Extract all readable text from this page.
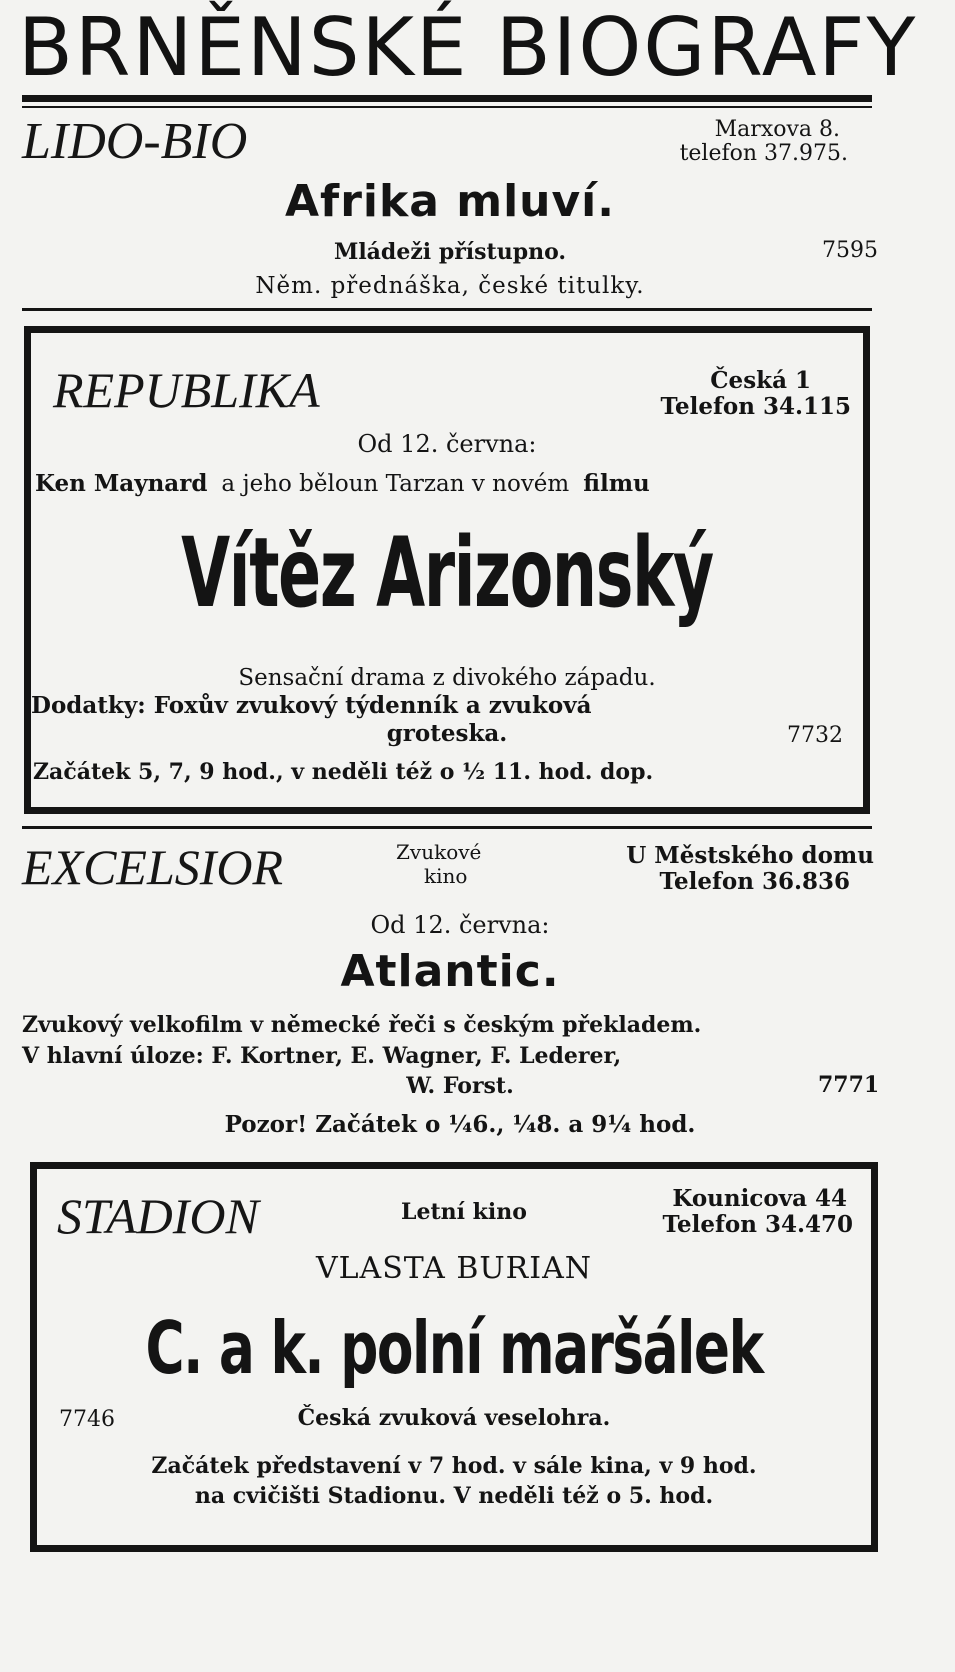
BRNĚNSKÉ BIOGRAFY
LIDO-BIO	Marxova 8.
telefon 37.975.
Afrika mluví.
Mládeži přístupno.	7595
Něm. přednáška, české titulky.
REPUBLIKA	Česká 1
Telefon 34.115
Od 12. června:
Ken Maynard a jeho běloun Tarzan v novém filmu
Vítěz Arizonský
Sensační drama z divokého západu.
Dodatky: Foxův zvukový týdenník a zvuková
groteska.	7732
Začátek 5, 7, 9 hod., v neděli též o ½ 11. hod. dop.
EXCELSIOR	Zvukové
kino
U Městského domu
Telefon 36.836
Od 12. června:
Atlantic.
Zvukový velkofilm v německé řeči s českým překladem.
V hlavní úloze: F. Kortner, E. Wagner, F. Lederer,
W. Forst.	7771
Pozor! Začátek o ¼6., ¼8. a 9¼ hod.
STADION	Letní kino	Kounicova 44
Telefon 34.470
VLASTA BURIAN
C. a k. polní maršálek
7746	Česká zvuková veselohra.
Začátek představení v 7 hod. v sále kina, v 9 hod.
na cvičišti Stadionu. V neděli též o 5. hod.
